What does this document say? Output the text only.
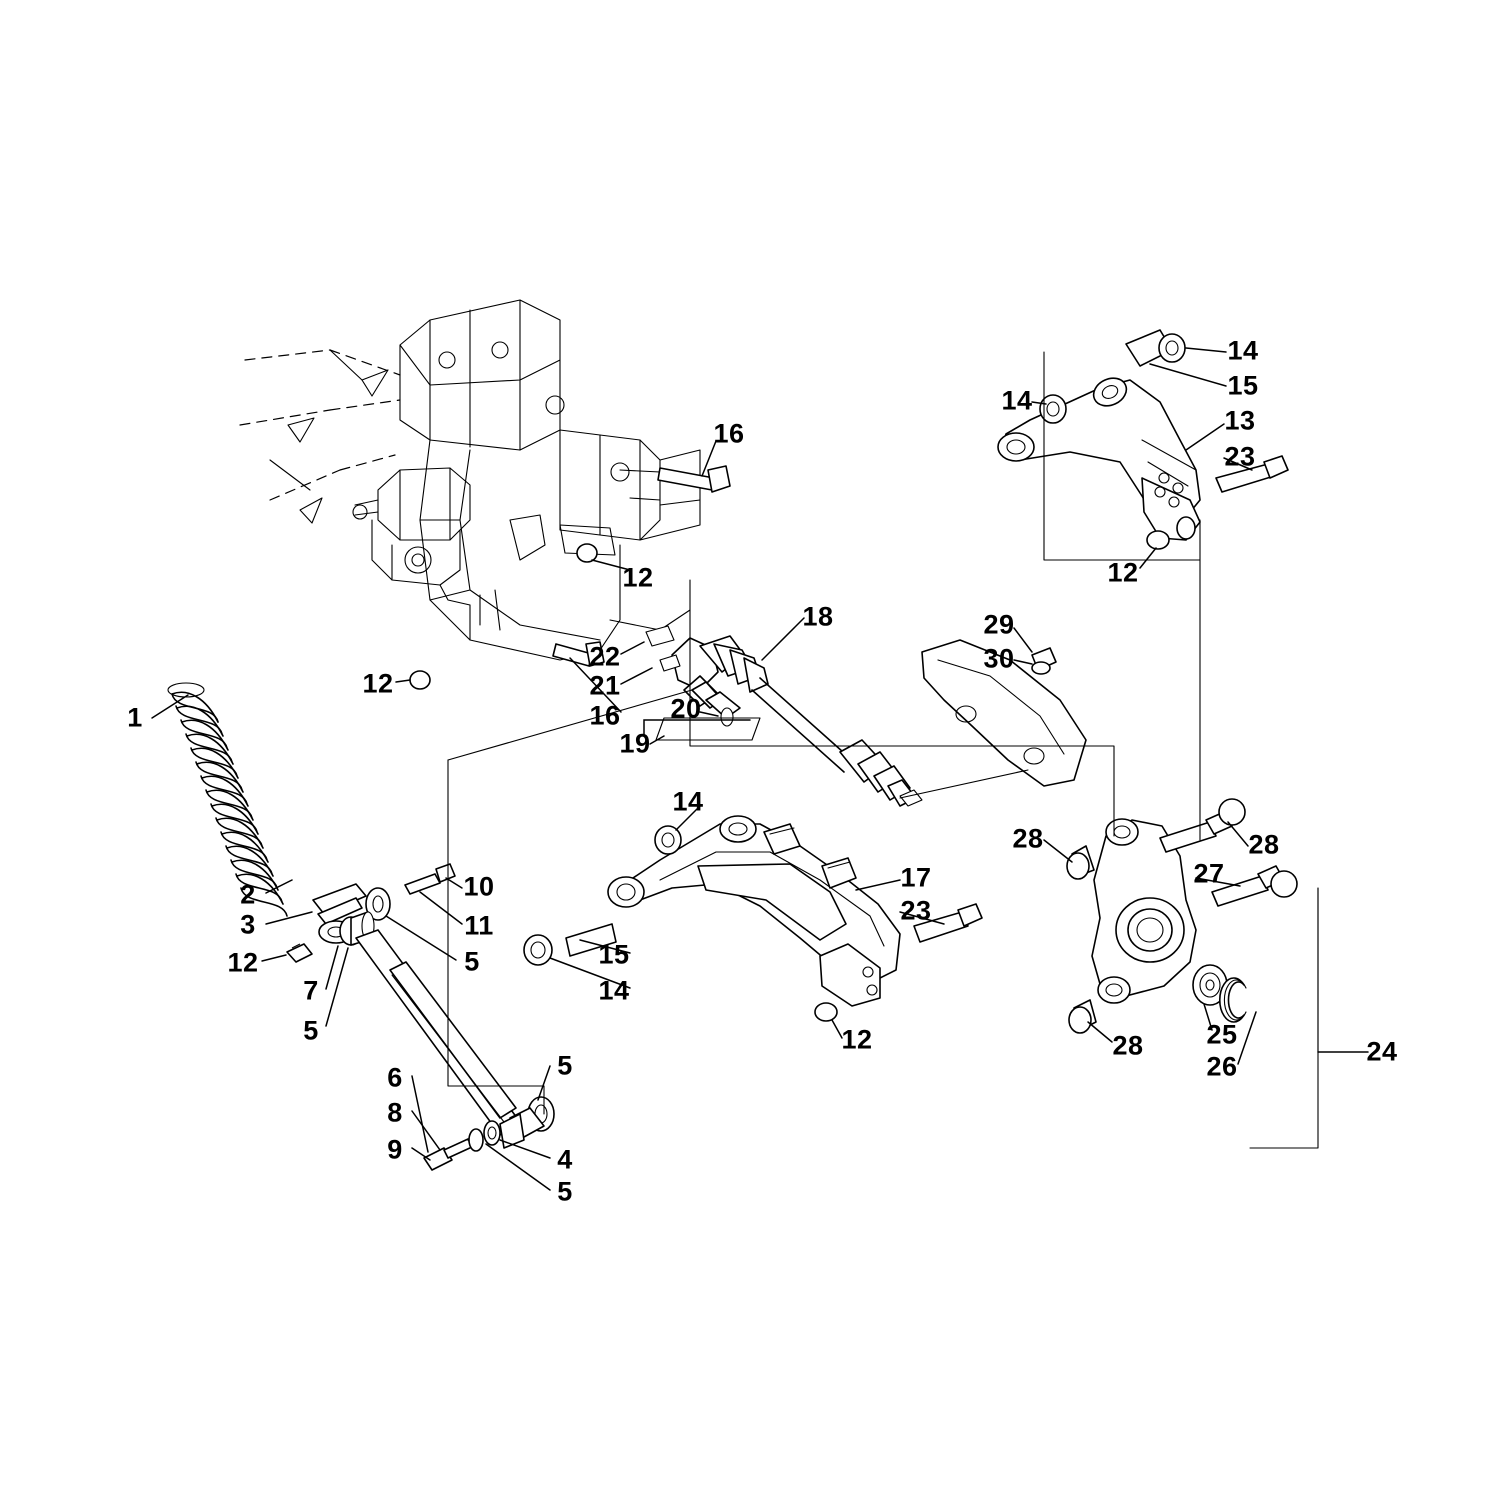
1
2
3
12
7
5
10
11
5
6
8
9
5
4
5
16
12
12
22
21
16
18
20
19
29
30
14
15
14
13
23
12
14
15
14
17
23
12
28	28
27
28 25
26	24
